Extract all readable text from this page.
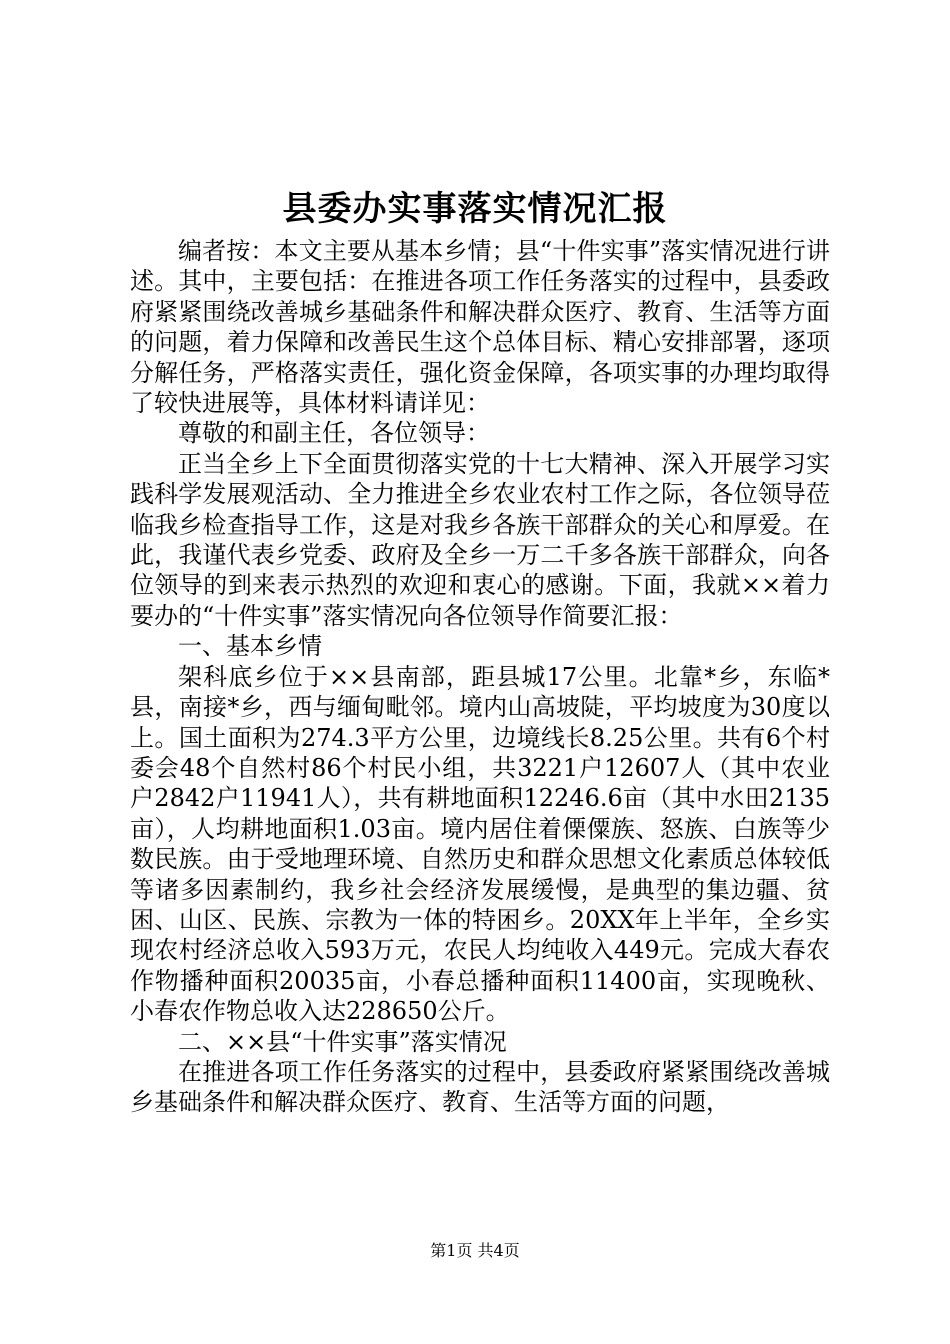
县委办实事落实情况汇报

编者按：本文主要从基本乡情；县“十件实事”落实情况进行讲述。其中，主要包括：在推进各项工作任务落实的过程中，县委政府紧紧围绕改善城乡基础条件和解决群众医疗、教育、生活等方面的问题，着力保障和改善民生这个总体目标、精心安排部署，逐项分解任务，严格落实责任，强化资金保障，各项实事的办理均取得了较快进展等，具体材料请详见：

尊敬的和副主任，各位领导：

正当全乡上下全面贯彻落实党的十七大精神、深入开展学习实践科学发展观活动、全力推进全乡农业农村工作之际，各位领导莅临我乡检查指导工作，这是对我乡各族干部群众的关心和厚爱。在此，我谨代表乡党委、政府及全乡一万二千多各族干部群众，向各位领导的到来表示热烈的欢迎和衷心的感谢。下面，我就××着力要办的“十件实事”落实情况向各位领导作简要汇报：

一、基本乡情

架科底乡位于××县南部，距县城17公里。北靠*乡，东临*县，南接*乡，西与缅甸毗邻。境内山高坡陡，平均坡度为30度以上。国土面积为274.3平方公里，边境线长8.25公里。共有6个村委会48个自然村86个村民小组，共3221户12607人（其中农业户2842户11941人），共有耕地面积12246.6亩（其中水田2135亩），人均耕地面积1.03亩。境内居住着傈僳族、怒族、白族等少数民族。由于受地理环境、自然历史和群众思想文化素质总体较低等诸多因素制约，我乡社会经济发展缓慢，是典型的集边疆、贫困、山区、民族、宗教为一体的特困乡。20XX年上半年，全乡实现农村经济总收入593万元，农民人均纯收入449元。完成大春农作物播种面积20035亩，小春总播种面积11400亩，实现晚秋、小春农作物总收入达228650公斤。

二、××县“十件实事”落实情况

在推进各项工作任务落实的过程中，县委政府紧紧围绕改善城乡基础条件和解决群众医疗、教育、生活等方面的问题，

第1页 共4页
